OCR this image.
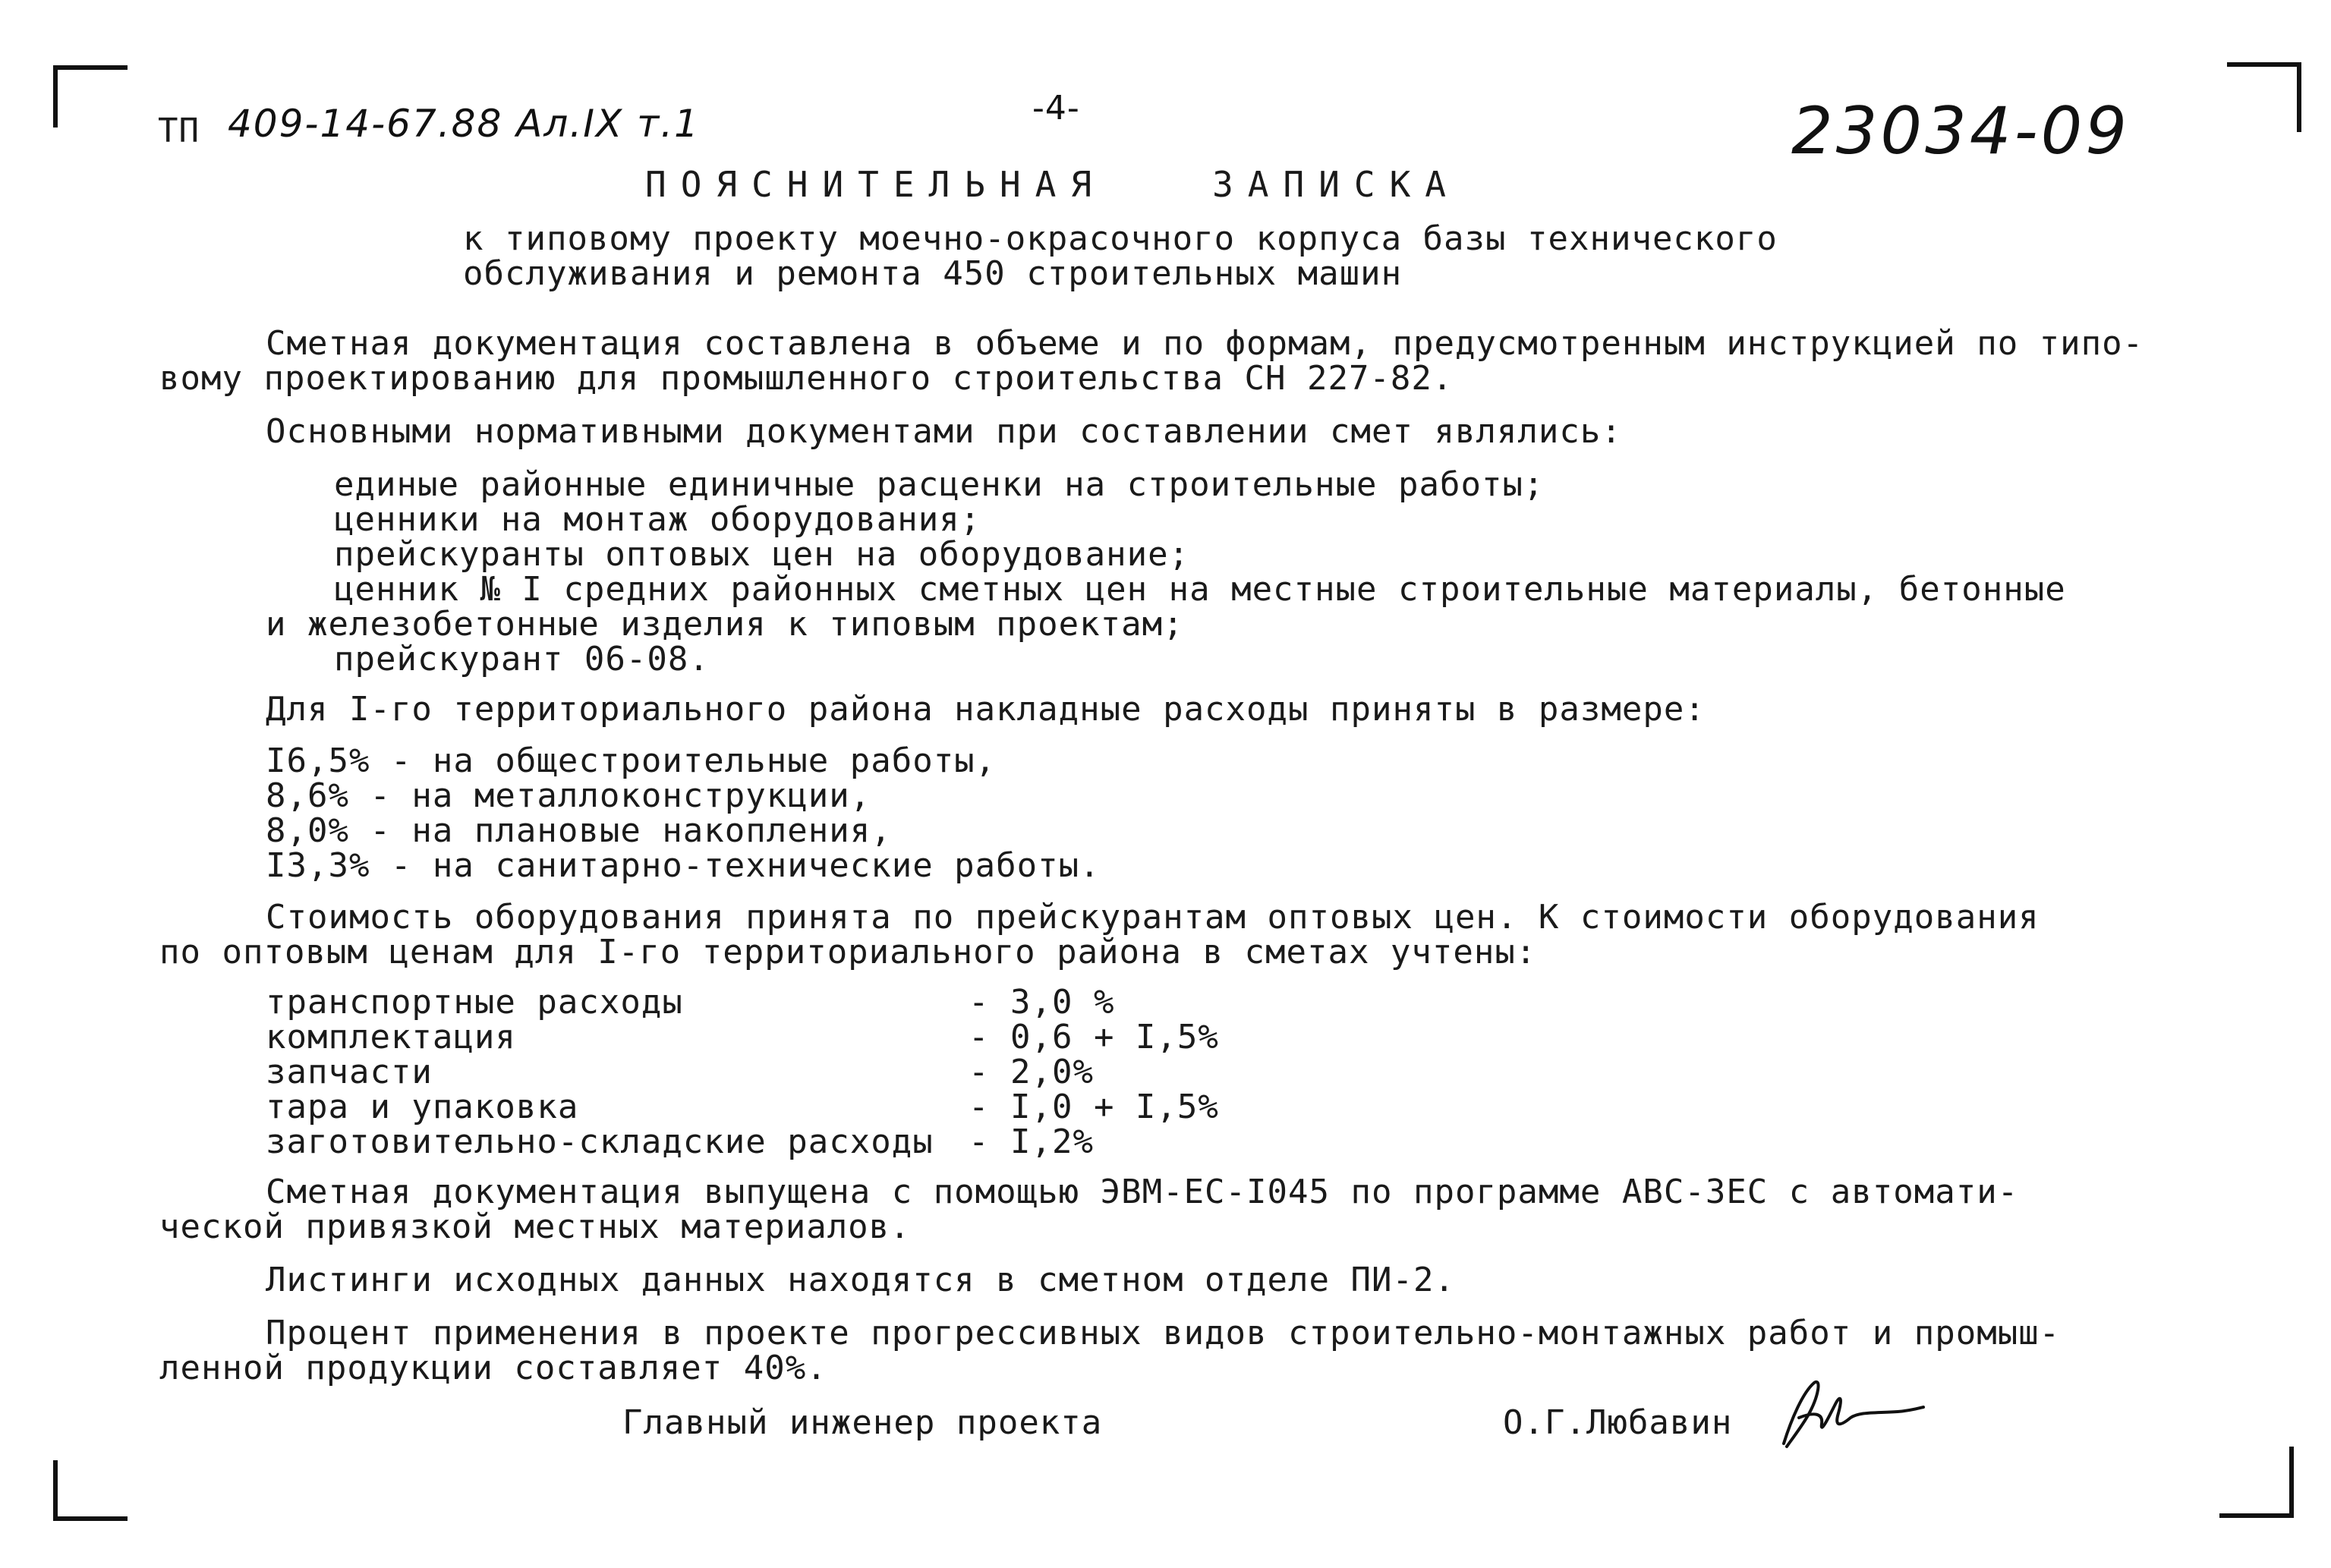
ТП 409-14-67.88 Ал.IX т.1	-4-	23034-09
ПОЯСНИТЕЛЬНАЯ   ЗАПИСКА
к типовому проекту моечно-окрасочного корпуса базы технического
обслуживания и ремонта 450 строительных машин
Сметная документация составлена в объеме и по формам, предусмотренным инструкцией по типо-
вому проектированию для промышленного строительства СН 227-82.
Основными нормативными документами при составлении смет являлись:
единые районные единичные расценки на строительные работы;
ценники на монтаж оборудования;
прейскуранты оптовых цен на оборудование;
ценник № I средних районных сметных цен на местные строительные материалы, бетонные
и железобетонные изделия к типовым проектам;
прейскурант 06-08.
Для I-го территориального района накладные расходы приняты в размере:
I6,5% - на общестроительные работы,
8,6% - на металлоконструкции,
8,0% - на плановые накопления,
I3,3% - на санитарно-технические работы.
Стоимость оборудования принята по прейскурантам оптовых цен. К стоимости оборудования
по оптовым ценам для I-го территориального района в сметах учтены:
транспортные расходы	- 3,0 %
комплектация	- 0,6 + I,5%
запчасти	- 2,0%
тара и упаковка	- I,0 + I,5%
заготовительно-складские расходы - I,2%
Сметная документация выпущена с помощью ЭВМ-ЕС-I045 по программе АВС-ЗЕС с автомати-
ческой привязкой местных материалов.
Листинги исходных данных находятся в сметном отделе ПИ-2.
Процент применения в проекте прогрессивных видов строительно-монтажных работ и промыш-
ленной продукции составляет 40%.
Главный инженер проекта	О.Г.Любавин
